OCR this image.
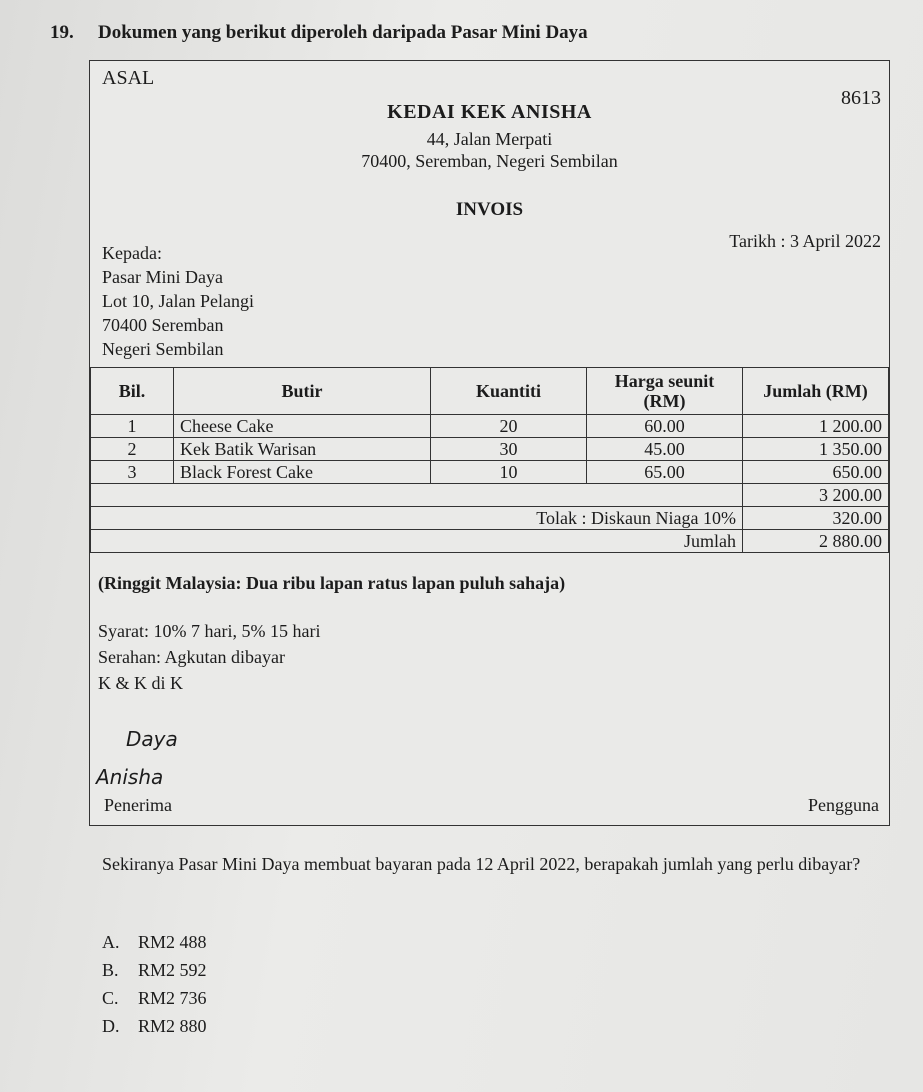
19. Dokumen yang berikut diperoleh daripada Pasar Mini Daya
ASAL
8613
KEDAI KEK ANISHA
44, Jalan Merpati
70400, Seremban, Negeri Sembilan
INVOIS
Tarikh : 3 April 2022
Kepada:
Pasar Mini Daya
Lot 10, Jalan Pelangi
70400 Seremban
Negeri Sembilan
Bil.	Butir	Kuantiti	Harga seunit (RM)	Jumlah (RM)
1	Cheese Cake	20	60.00	1 200.00
2	Kek Batik Warisan	30	45.00	1 350.00
3	Black Forest Cake	10	65.00	650.00
				3 200.00
Tolak : Diskaun Niaga 10%				320.00
Jumlah				2 880.00
(Ringgit Malaysia: Dua ribu lapan ratus lapan puluh sahaja)
Syarat: 10% 7 hari, 5% 15 hari
Serahan: Agkutan dibayar
K & K di K
Daya
Anisha
Penerima	Pengguna
Sekiranya Pasar Mini Daya membuat bayaran pada 12 April 2022, berapakah jumlah yang perlu dibayar?
A. RM2 488
B. RM2 592
C. RM2 736
D. RM2 880
